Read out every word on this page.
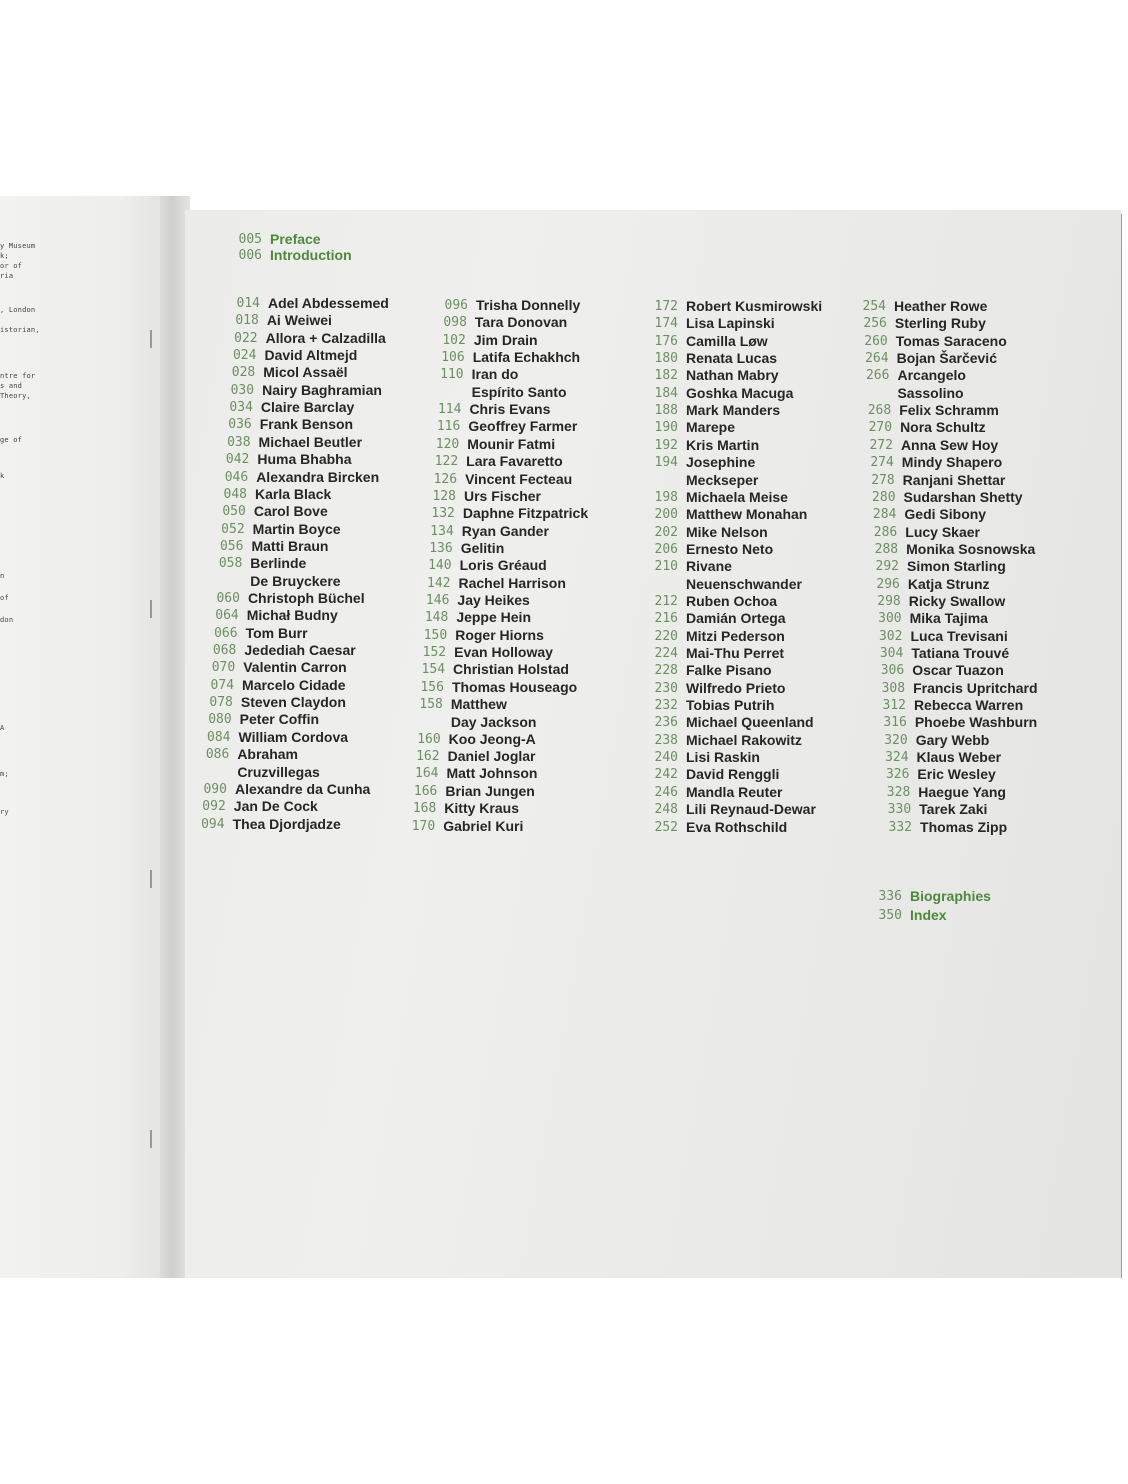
y Museum
k;
or of
ria
, London
istorian,
ntre for
s and
Theory,
ge of
k
n
of
don
A
m;
ry
005 Preface
006 Introduction
014 Adel Abdessemed
018 Ai Weiwei
022 Allora + Calzadilla
024 David Altmejd
028 Micol Assaël
030 Nairy Baghramian
034 Claire Barclay
036 Frank Benson
038 Michael Beutler
042 Huma Bhabha
046 Alexandra Bircken
048 Karla Black
050 Carol Bove
052 Martin Boyce
056 Matti Braun
058 Berlinde
De Bruyckere
060 Christoph Büchel
064 Michał Budny
066 Tom Burr
068 Jedediah Caesar
070 Valentin Carron
074 Marcelo Cidade
078 Steven Claydon
080 Peter Coffin
084 William Cordova
086 Abraham
Cruzvillegas
090 Alexandre da Cunha
092 Jan De Cock
094 Thea Djordjadze
096 Trisha Donnelly
098 Tara Donovan
102 Jim Drain
106 Latifa Echakhch
110 Iran do
Espírito Santo
114 Chris Evans
116 Geoffrey Farmer
120 Mounir Fatmi
122 Lara Favaretto
126 Vincent Fecteau
128 Urs Fischer
132 Daphne Fitzpatrick
134 Ryan Gander
136 Gelitin
140 Loris Gréaud
142 Rachel Harrison
146 Jay Heikes
148 Jeppe Hein
150 Roger Hiorns
152 Evan Holloway
154 Christian Holstad
156 Thomas Houseago
158 Matthew
Day Jackson
160 Koo Jeong-A
162 Daniel Joglar
164 Matt Johnson
166 Brian Jungen
168 Kitty Kraus
170 Gabriel Kuri
172 Robert Kusmirowski
174 Lisa Lapinski
176 Camilla Løw
180 Renata Lucas
182 Nathan Mabry
184 Goshka Macuga
188 Mark Manders
190 Marepe
192 Kris Martin
194 Josephine
Meckseper
198 Michaela Meise
200 Matthew Monahan
202 Mike Nelson
206 Ernesto Neto
210 Rivane
Neuenschwander
212 Ruben Ochoa
216 Damián Ortega
220 Mitzi Pederson
224 Mai-Thu Perret
228 Falke Pisano
230 Wilfredo Prieto
232 Tobias Putrih
236 Michael Queenland
238 Michael Rakowitz
240 Lisi Raskin
242 David Renggli
246 Mandla Reuter
248 Lili Reynaud-Dewar
252 Eva Rothschild
254 Heather Rowe
256 Sterling Ruby
260 Tomas Saraceno
264 Bojan Šarčević
266 Arcangelo
Sassolino
268 Felix Schramm
270 Nora Schultz
272 Anna Sew Hoy
274 Mindy Shapero
278 Ranjani Shettar
280 Sudarshan Shetty
284 Gedi Sibony
286 Lucy Skaer
288 Monika Sosnowska
292 Simon Starling
296 Katja Strunz
298 Ricky Swallow
300 Mika Tajima
302 Luca Trevisani
304 Tatiana Trouvé
306 Oscar Tuazon
308 Francis Upritchard
312 Rebecca Warren
316 Phoebe Washburn
320 Gary Webb
324 Klaus Weber
326 Eric Wesley
328 Haegue Yang
330 Tarek Zaki
332 Thomas Zipp
336 Biographies
350 Index
